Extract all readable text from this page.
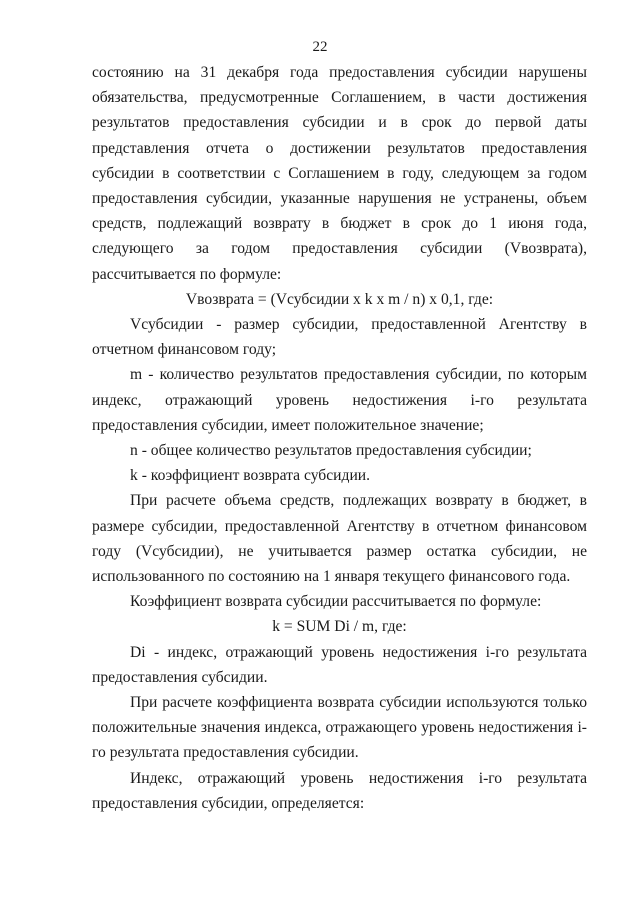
22

состоянию на 31 декабря года предоставления субсидии нарушены обязательства, предусмотренные Соглашением, в части достижения результатов предоставления субсидии и в срок до первой даты представления отчета о достижении результатов предоставления субсидии в соответствии с Соглашением в году, следующем за годом предоставления субсидии, указанные нарушения не устранены, объем средств, подлежащий возврату в бюджет в срок до 1 июня года, следующего за годом предоставления субсидии (Vвозврата), рассчитывается по формуле:

Vвозврата = (Vсубсидии x k x m / n) x 0,1, где:

Vсубсидии - размер субсидии, предоставленной Агентству в отчетном финансовом году;

m - количество результатов предоставления субсидии, по которым индекс, отражающий уровень недостижения i-го результата предоставления субсидии, имеет положительное значение;

n - общее количество результатов предоставления субсидии;

k - коэффициент возврата субсидии.

При расчете объема средств, подлежащих возврату в бюджет, в размере субсидии, предоставленной Агентству в отчетном финансовом году (Vсубсидии), не учитывается размер остатка субсидии, не использованного по состоянию на 1 января текущего финансового года.

Коэффициент возврата субсидии рассчитывается по формуле:

k = SUM Di / m, где:

Di - индекс, отражающий уровень недостижения i-го результата предоставления субсидии.

При расчете коэффициента возврата субсидии используются только положительные значения индекса, отражающего уровень недостижения i-го результата предоставления субсидии.

Индекс, отражающий уровень недостижения i-го результата предоставления субсидии, определяется:
